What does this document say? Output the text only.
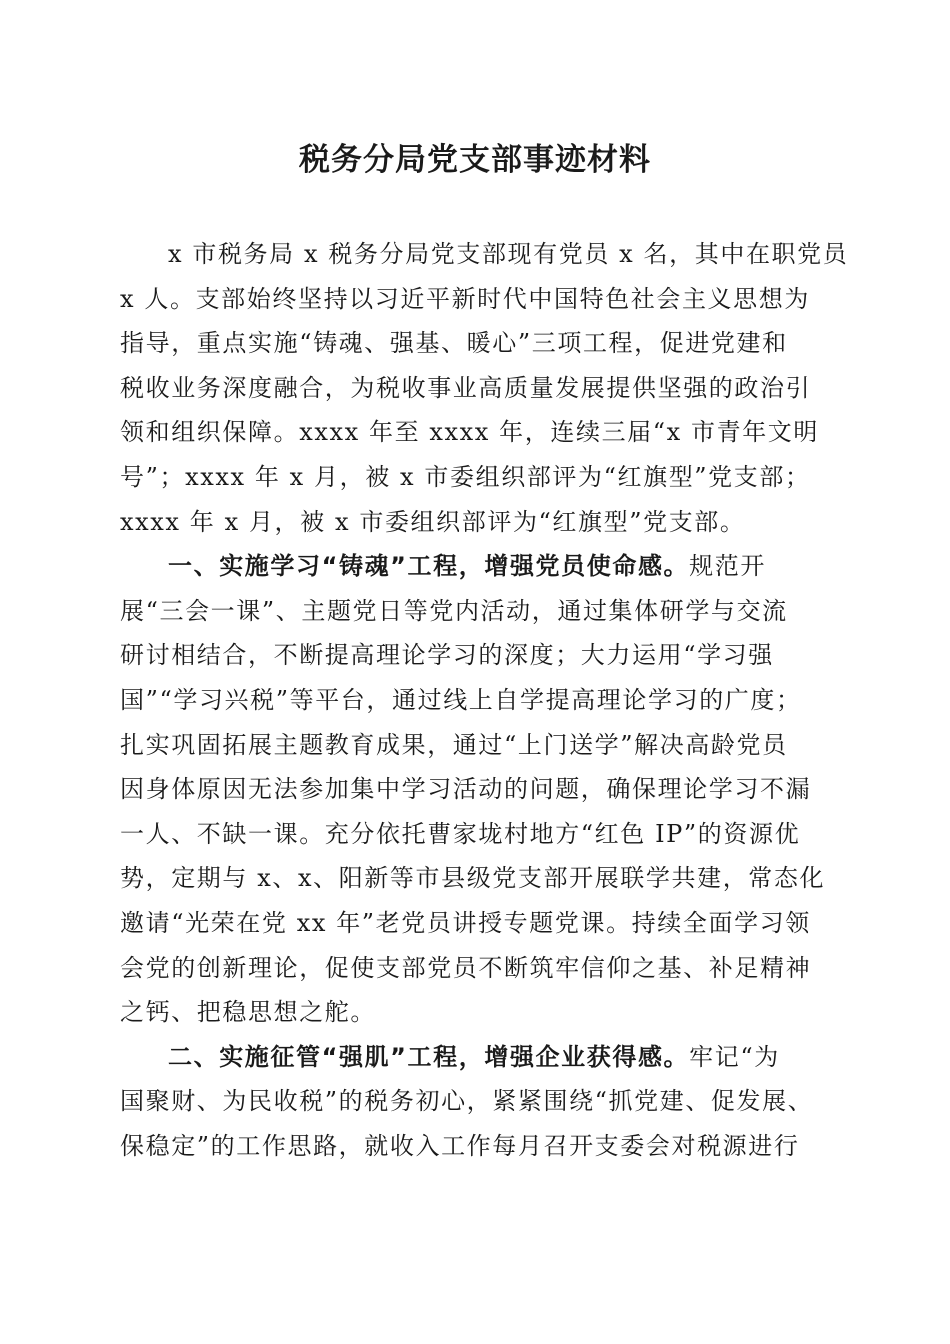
税务分局党支部事迹材料
x 市税务局 x 税务分局党支部现有党员 x 名，其中在职党员
x 人。支部始终坚持以习近平新时代中国特色社会主义思想为
指导，重点实施“铸魂、强基、暖心”三项工程，促进党建和
税收业务深度融合，为税收事业高质量发展提供坚强的政治引
领和组织保障。xxxx 年至 xxxx 年，连续三届“x 市青年文明
号”；xxxx 年 x 月，被 x 市委组织部评为“红旗型”党支部；
xxxx 年 x 月，被 x 市委组织部评为“红旗型”党支部。
一、实施学习“铸魂”工程，增强党员使命感。规范开
展“三会一课”、主题党日等党内活动，通过集体研学与交流
研讨相结合，不断提高理论学习的深度；大力运用“学习强
国”“学习兴税”等平台，通过线上自学提高理论学习的广度；
扎实巩固拓展主题教育成果，通过“上门送学”解决高龄党员
因身体原因无法参加集中学习活动的问题，确保理论学习不漏
一人、不缺一课。充分依托曹家垅村地方“红色 IP”的资源优
势，定期与 x、x、阳新等市县级党支部开展联学共建，常态化
邀请“光荣在党 xx 年”老党员讲授专题党课。持续全面学习领
会党的创新理论，促使支部党员不断筑牢信仰之基、补足精神
之钙、把稳思想之舵。
二、实施征管“强肌”工程，增强企业获得感。牢记“为
国聚财、为民收税”的税务初心，紧紧围绕“抓党建、促发展、
保稳定”的工作思路，就收入工作每月召开支委会对税源进行
